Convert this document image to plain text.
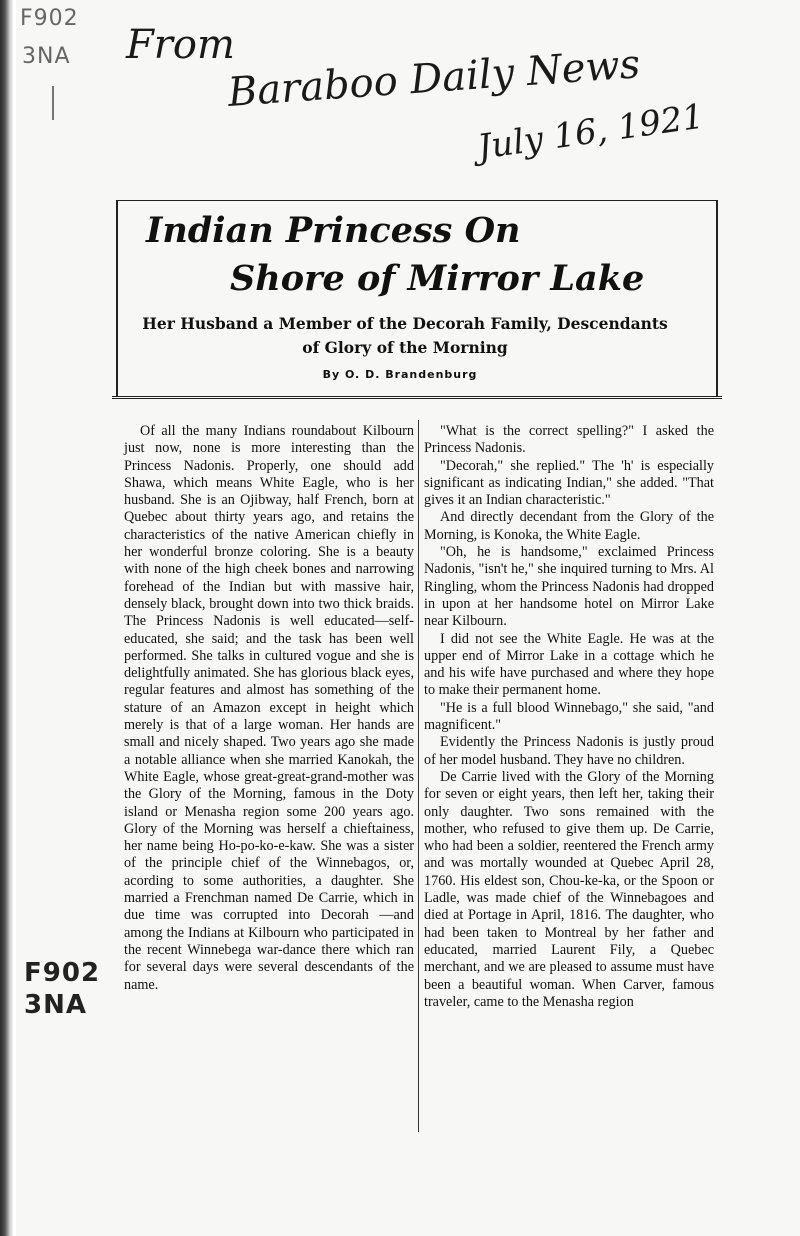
F902
3NA From
Baraboo Daily News
July 16, 1921
Indian Princess On
Shore of Mirror Lake
Her Husband a Member of the Decorah Family, Descendants of Glory of the Morning
By O. D. Brandenburg

Of all the many Indians roundabout Kilbourn just now, none is more interesting than the Princess Nadonis. Properly, one should add Shawa, which means White Eagle, who is her husband. She is an Ojibway, half French, born at Quebec about thirty years ago, and retains the characteristics of the native American chiefly in her wonderful bronze coloring. She is a beauty with none of the high cheek bones and narrowing forehead of the Indian but with massive hair, densely black, brought down into two thick braids. The Princess Nadonis is well educated—self-educated, she said; and the task has been well performed. She talks in cultured vogue and she is delightfully animated. She has glorious black eyes, regular features and almost has something of the stature of an Amazon except in height which merely is that of a large woman. Her hands are small and nicely shaped. Two years ago she made a notable alliance when she married Kanokah, the White Eagle, whose great-great-grand-mother was the Glory of the Morning, famous in the Doty island or Menasha region some 200 years ago. Glory of the Morning was herself a chieftainess, her name being Ho-po-ko-e-kaw. She was a sister of the principle chief of the Winnebagos, or, acording to some authorities, a daughter. She married a Frenchman named De Carrie, which in due time was corrupted into Decorah —and among the Indians at Kilbourn who participated in the recent Winnebega war-dance there which ran for several days were several descendants of the name.

"What is the correct spelling?" I asked the Princess Nadonis.

"Decorah," she replied." The 'h' is especially significant as indicating Indian," she added. "That gives it an Indian characteristic."

And directly decendant from the Glory of the Morning, is Konoka, the White Eagle.

"Oh, he is handsome," exclaimed Princess Nadonis, "isn't he," she inquired turning to Mrs. Al Ringling, whom the Princess Nadonis had dropped in upon at her handsome hotel on Mirror Lake near Kilbourn.

I did not see the White Eagle. He was at the upper end of Mirror Lake in a cottage which he and his wife have purchased and where they hope to make their permanent home.

"He is a full blood Winnebago," she said, "and magnificent."

Evidently the Princess Nadonis is justly proud of her model husband. They have no children.

De Carrie lived with the Glory of the Morning for seven or eight years, then left her, taking their only daughter. Two sons remained with the mother, who refused to give them up. De Carrie, who had been a soldier, reentered the French army and was mortally wounded at Quebec April 28, 1760. His eldest son, Chou-ke-ka, or the Spoon or Ladle, was made chief of the Winnebagoes and died at Portage in April, 1816. The daughter, who had been taken to Montreal by her father and educated, married Laurent Fily, a Quebec merchant, and we are pleased to assume must have been a beautiful woman. When Carver, famous traveler, came to the Menasha region

F902
3NA
